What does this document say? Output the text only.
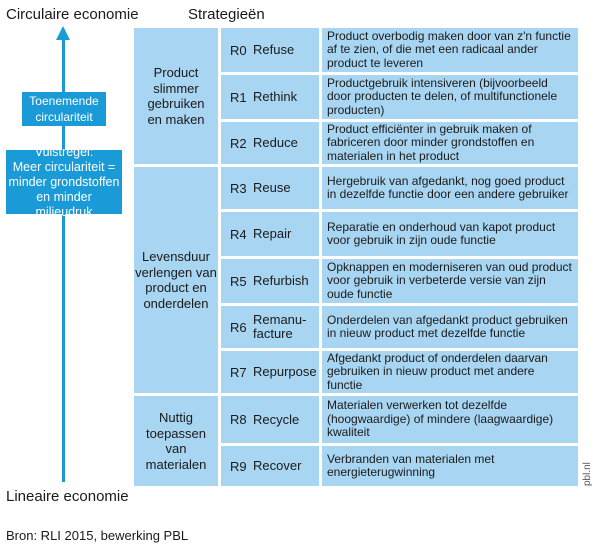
Circulaire economie	Strategieën
Toenemende
circulariteit
Vuistregel:
Meer circulariteit =
minder grondstoffen
en minder milieudruk
Product
slimmer
gebruiken
en maken
Levensduur
verlengen van
product en
onderdelen
Nuttig
toepassen van
materialen
R0 Refuse
Product overbodig maken door van z'n functie af te zien, of die met een radicaal ander product te leveren
R1 Rethink
Productgebruik intensiveren (bijvoorbeeld door producten te delen, of multifunctionele producten)
R2 Reduce
Product efficiënter in gebruik maken of fabriceren door minder grondstoffen en materialen in het product
R3 Reuse	Hergebruik van afgedankt, nog goed product in dezelfde functie door een andere gebruiker
R4 Repair	Reparatie en onderhoud van kapot product voor gebruik in zijn oude functie
R5 Refurbish
Opknappen en moderniseren van oud product voor gebruik in verbeterde versie van zijn oude functie
R6 Remanu-
facture
Onderdelen van afgedankt product gebruiken in nieuw product met dezelfde functie
R7 Repurpose
Afgedankt product of onderdelen daarvan gebruiken in nieuw product met andere functie
R8 Recycle
Materialen verwerken tot dezelfde (hoogwaardige) of mindere (laagwaardige) kwaliteit
R9 Recover	Verbranden van materialen met energieterugwinning	pbl.nl
Lineaire economie
Bron: RLI 2015, bewerking PBL
